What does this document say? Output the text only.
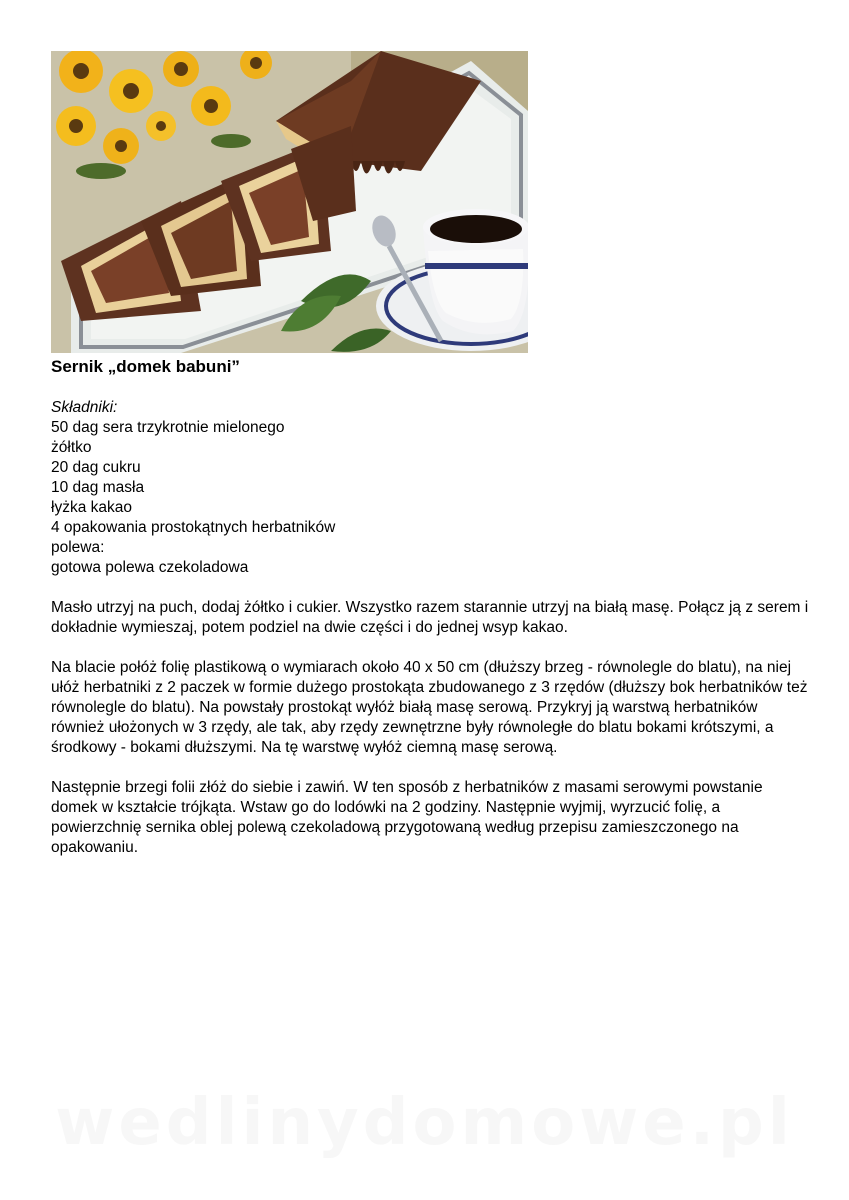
Sernik „domek babuni”
Składniki:
50 dag sera trzykrotnie mielonego
żółtko
20 dag cukru
10 dag masła
łyżka kakao
4 opakowania prostokątnych herbatników
polewa:
gotowa polewa czekoladowa

Masło utrzyj na puch, dodaj żółtko i cukier. Wszystko razem starannie utrzyj na białą masę. Połącz ją z serem i dokładnie wymieszaj, potem podziel na dwie części i do jednej wsyp kakao.

Na blacie połóż folię plastikową o wymiarach około 40 x 50 cm (dłuższy brzeg - równolegle do blatu), na niej ułóż herbatniki z 2 paczek w formie dużego prostokąta zbudowanego z 3 rzędów (dłuższy bok herbatników też równolegle do blatu). Na powstały prostokąt wyłóż białą masę serową. Przykryj ją warstwą herbatników również ułożonych w 3 rzędy, ale tak, aby rzędy zewnętrzne były równoległe do blatu bokami krótszymi, a środkowy - bokami dłuższymi. Na tę warstwę wyłóż ciemną masę serową.

Następnie brzegi folii złóż do siebie i zawiń. W ten sposób z herbatników z masami serowymi powstanie domek w kształcie trójkąta. Wstaw go do lodówki na 2 godziny. Następnie wyjmij, wyrzucić folię, a powierzchnię sernika oblej polewą czekoladową przygotowaną według przepisu zamieszczonego na opakowaniu.

wedlinydomowe.pl
